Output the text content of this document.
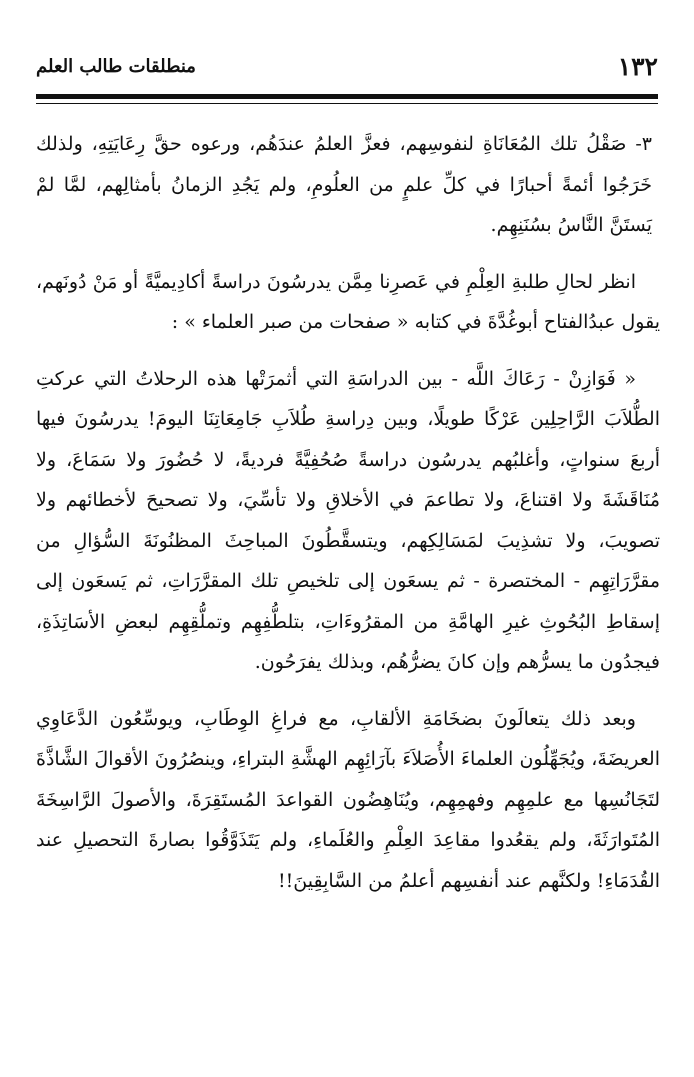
١٣٢
منطلقات طالب العلم

٣- صَقْلُ تلك المُعَانَاةِ لنفوسِهم، فعزَّ العلمُ عندَهُم، ورعوه حقَّ رِعَايَتِهِ، ولذلك خَرَجُوا أئمةً أحبارًا في كلِّ علمٍ من العلُومِ، ولم يَجُدِ الزمانُ بأمثالِهم، لمَّا لمْ يَستَنَّ النَّاسُ بسُنَنِهِم.

انظر لحالِ طلبةِ العِلْمِ في عَصرِنا مِمَّن يدرسُونَ دراسةً أكادِيميَّةً أو مَنْ دُونَهم، يقول عبدُالفتاح أبوغُدَّةَ في كتابه « صفحات من صبر العلماء » :

« فَوَازِنْ - رَعَاكَ اللَّه - بين الدراسَةِ التي أثمرَتْها هذه الرحلاتُ التي عركتِ الطُّلاَبَ الرَّاحِلِين عَرْكًا طويلًا، وبين دِراسةِ طُلاَبِ جَامِعَاتِنَا اليومَ! يدرسُونَ فيها أربعَ سنواتٍ، وأغلبُهم يدرسُون دراسةً صُحُفِيَّةً فرديةً، لا حُضُورَ ولا سَمَاعَ، ولا مُنَاقَشَةَ ولا اقتناعَ، ولا تطاعمَ في الأخلاقِ ولا تأسِّيَ، ولا تصحيحَ لأخطائهم ولا تصويبَ، ولا تشذِيبَ لمَسَالِكِهم، ويتسقَّطُونَ المباحِثَ المظنُونَةَ السُّؤالِ من مقرَّرَاتِهِم - المختصرة - ثم يسعَون إلى تلخيصِ تلك المقرَّرَاتِ، ثم يَسعَون إلى إسقاطِ البُحُوثِ غيرِ الهامَّةِ من المقرُوءَاتِ، بتلطُّفِهِم وتملُّقِهِم لبعضِ الأسَاتِذَةِ، فيجدُون ما يسرُّهم وإن كانَ يضرُّهُم، وبذلك يفرَحُون.

وبعد ذلك يتعالَونَ بضخَامَةِ الألقابِ، مع فراغِ الوِطَابِ، ويوسِّعُون الدَّعَاوِي العريضَةَ، ويُجَهِّلُون العلماءَ الأُصَلاَءَ بآرَائِهِم الهشَّةِ البتراءِ، وينصُرُونَ الأقوالَ الشَّاذَّةَ لتَجَانُسِها مع علمِهِم وفهمِهِم، ويُنَاهِضُون القواعدَ المُستَقِرَةَ، والأصولَ الرَّاسِخَةَ المُتَوارَثَةَ، ولم يقعُدوا مقاعِدَ العِلْمِ والعُلَماءِ، ولم يَتَذَوَّقُوا بصارةَ التحصيلِ عند القُدَمَاءِ! ولكنَّهم عند أنفسِهم أعلمُ من السَّابِقِينَ!!
